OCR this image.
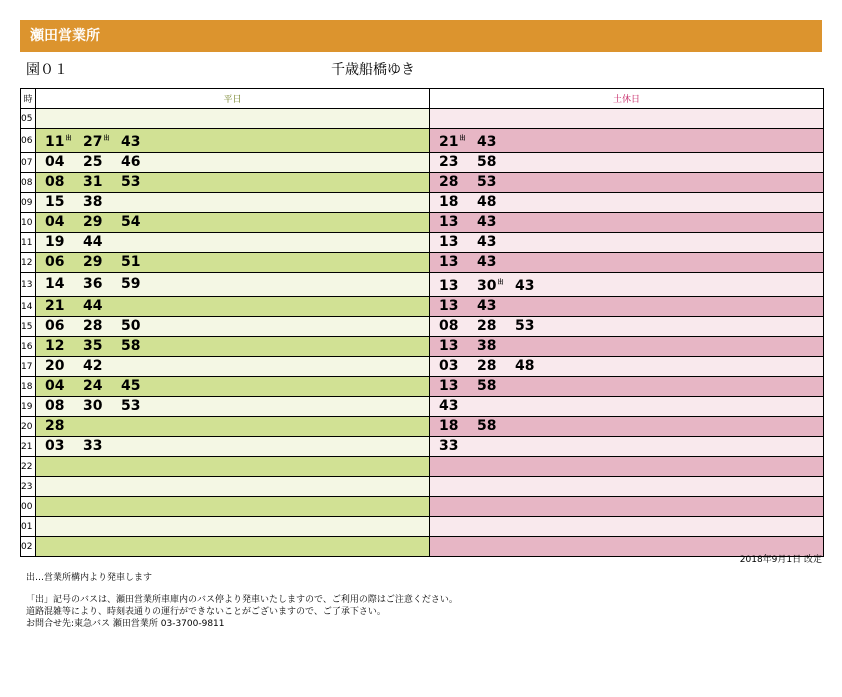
瀬田営業所
園０１	千歳船橋ゆき
時	平日	土休日
05	

06	$11^出$ $27^出$ 43	$21^出$ 43

07	04 25 46	23 58

08	08 31 53	28 53

09	15 38	18 48

10	04 29 54	13 43

11	19 44	13 43

12	06 29 51	13 43

13	14 36 59	13 $30^出$ 43

14	21 44	13 43

15	06 28 50	08 28 53

16	12 35 58	13 38

17	20 42	03 28 48

18	04 24 45	13 58

19	08 30 53	43

20	28	18 58

21	03 33	33

22	

23	

00	

01	

02	

2018年9月1日 改定
出…営業所構内より発車します
「出」記号のバスは、瀬田営業所車庫内のバス停より発車いたしますので、ご利用の際はご注意ください。
道路混雑等により、時刻表通りの運行ができないことがございますので、ご了承下さい。
お問合せ先:東急バス 瀬田営業所 03-3700-9811
